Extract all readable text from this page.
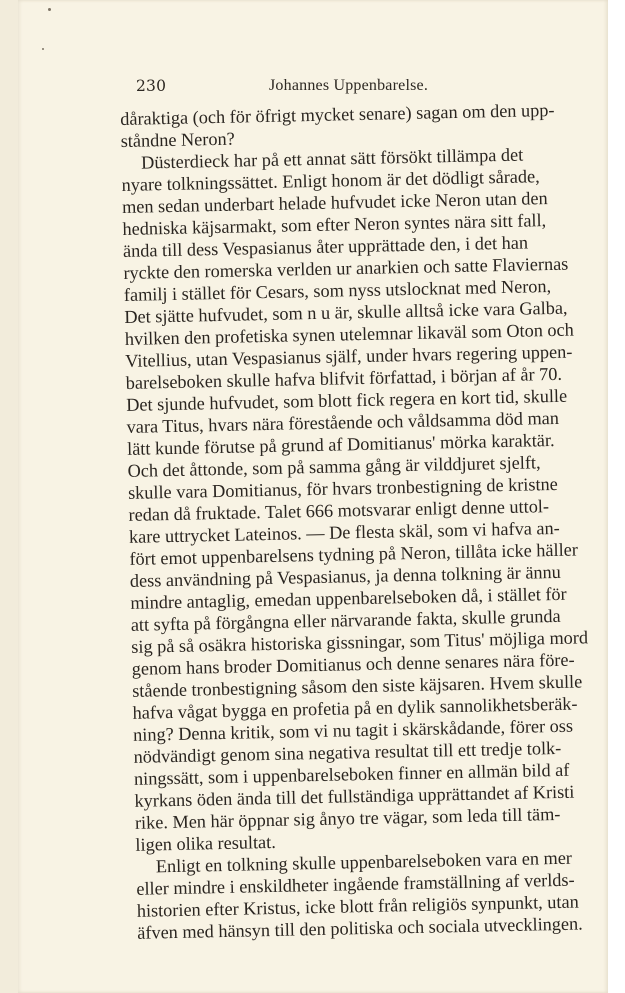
230	Johannes Uppenbarelse.
dåraktiga (och för öfrigt mycket senare) sagan om den upp-
ståndne Neron?
Düsterdieck har på ett annat sätt försökt tillämpa det
nyare tolkningssättet. Enligt honom är det dödligt sårade,
men sedan underbart helade hufvudet icke Neron utan den
hedniska käjsarmakt, som efter Neron syntes nära sitt fall,
ända till dess Vespasianus åter upprättade den, i det han
ryckte den romerska verlden ur anarkien och satte Flaviernas
familj i stället för Cesars, som nyss utslocknat med Neron,
Det sjätte hufvudet, som n u är, skulle alltså icke vara Galba,
hvilken den profetiska synen utelemnar likaväl som Oton och
Vitellius, utan Vespasianus själf, under hvars regering uppen-
barelseboken skulle hafva blifvit författad, i början af år 70.
Det sjunde hufvudet, som blott fick regera en kort tid, skulle
vara Titus, hvars nära förestående och våldsamma död man
lätt kunde förutse på grund af Domitianus' mörka karaktär.
Och det åttonde, som på samma gång är vilddjuret sjelft,
skulle vara Domitianus, för hvars tronbestigning de kristne
redan då fruktade. Talet 666 motsvarar enligt denne uttol-
kare uttrycket Lateinos. — De flesta skäl, som vi hafva an-
fört emot uppenbarelsens tydning på Neron, tillåta icke häller
dess användning på Vespasianus, ja denna tolkning är ännu
mindre antaglig, emedan uppenbarelseboken då, i stället för
att syfta på förgångna eller närvarande fakta, skulle grunda
sig på så osäkra historiska gissningar, som Titus' möjliga mord
genom hans broder Domitianus och denne senares nära före-
stående tronbestigning såsom den siste käjsaren. Hvem skulle
hafva vågat bygga en profetia på en dylik sannolikhetsberäk-
ning? Denna kritik, som vi nu tagit i skärskådande, förer oss
nödvändigt genom sina negativa resultat till ett tredje tolk-
ningssätt, som i uppenbarelseboken finner en allmän bild af
kyrkans öden ända till det fullständiga upprättandet af Kristi
rike. Men här öppnar sig ånyo tre vägar, som leda till täm-
ligen olika resultat.
Enligt en tolkning skulle uppenbarelseboken vara en mer
eller mindre i enskildheter ingående framställning af verlds-
historien efter Kristus, icke blott från religiös synpunkt, utan
äfven med hänsyn till den politiska och sociala utvecklingen.
